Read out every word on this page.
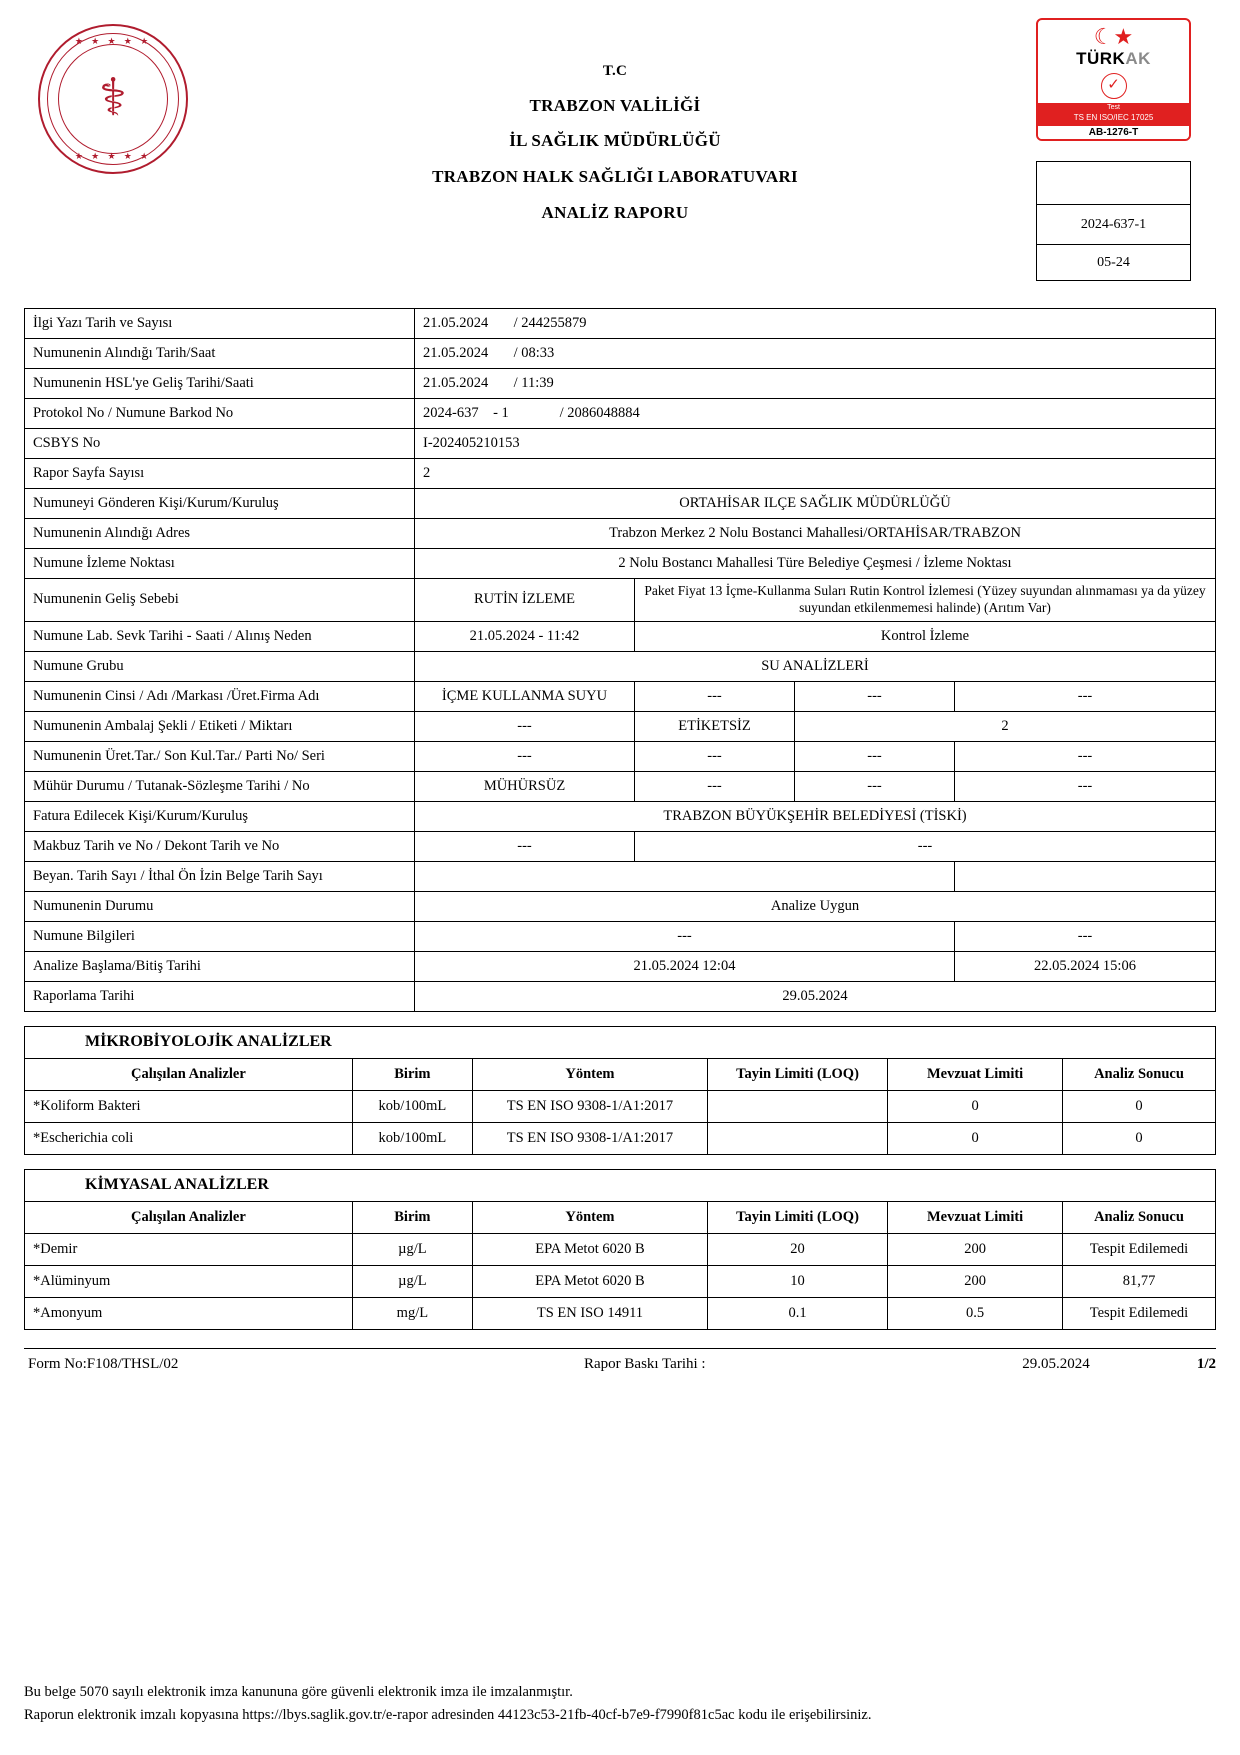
★ ★ ★ ★ ★
⚕
★ ★ ★ ★ ★
T.C
TRABZON VALİLİĞİ
İL SAĞLIK MÜDÜRLÜĞÜ
TRABZON HALK SAĞLIĞI LABORATUVARI
ANALİZ RAPORU
☾★
TÜRKAK
✓
Test
TS EN ISO/IEC 17025
AB-1276-T
2024-637-1
05-24
İlgi Yazı Tarih ve Sayısı	21.05.2024 / 244255879			
Numunenin Alındığı Tarih/Saat	21.05.2024 / 08:33			
Numunenin HSL'ye Geliş Tarihi/Saati	21.05.2024 / 11:39			
Protokol No / Numune Barkod No	2024-637 - 1 / 2086048884			
CSBYS No	I-202405210153			
Rapor Sayfa Sayısı	2			
Numuneyi Gönderen Kişi/Kurum/Kuruluş	ORTAHİSAR ILÇE SAĞLIK MÜDÜRLÜĞÜ			
Numunenin Alındığı Adres	Trabzon Merkez 2 Nolu Bostanci Mahallesi/ORTAHİSAR/TRABZON			
Numune İzleme Noktası	2 Nolu Bostancı Mahallesi Türe Belediye Çeşmesi / İzleme Noktası			
Numunenin Geliş Sebebi	RUTİN İZLEME	Paket Fiyat 13 İçme-Kullanma Suları Rutin Kontrol İzlemesi (Yüzey suyundan alınmaması ya da yüzey suyundan etkilenmemesi halinde) (Arıtım Var)		
Numune Lab. Sevk Tarihi - Saati / Alınış Neden	21.05.2024 - 11:42	Kontrol İzleme		
Numune Grubu	SU ANALİZLERİ			
Numunenin Cinsi / Adı /Markası /Üret.Firma Adı	İÇME KULLANMA SUYU	---	---	---
Numunenin Ambalaj Şekli / Etiketi / Miktarı	---	ETİKETSİZ	2	
Numunenin Üret.Tar./ Son Kul.Tar./ Parti No/ Seri	---	---	---	---
Mühür Durumu / Tutanak-Sözleşme Tarihi / No	MÜHÜRSÜZ	---	---	---
Fatura Edilecek Kişi/Kurum/Kuruluş	TRABZON BÜYÜKŞEHİR BELEDİYESİ (TİSKİ)			
Makbuz Tarih ve No / Dekont Tarih ve No	---	---		
Beyan. Tarih Sayı / İthal Ön İzin Belge Tarih Sayı				
Numunenin Durumu	Analize Uygun			
Numune Bilgileri	---			---
Analize Başlama/Bitiş Tarihi	21.05.2024 12:04			22.05.2024 15:06
Raporlama Tarihi	29.05.2024			
MİKROBİYOLOJİK ANALİZLER					
Çalışılan Analizler	Birim	Yöntem	Tayin Limiti (LOQ)	Mevzuat Limiti	Analiz Sonucu
*Koliform Bakteri	kob/100mL	TS EN ISO 9308-1/A1:2017		0	0
*Escherichia coli	kob/100mL	TS EN ISO 9308-1/A1:2017		0	0
KİMYASAL ANALİZLER					
Çalışılan Analizler	Birim	Yöntem	Tayin Limiti (LOQ)	Mevzuat Limiti	Analiz Sonucu
*Demir	µg/L	EPA Metot 6020 B	20	200	Tespit Edilemedi
*Alüminyum	µg/L	EPA Metot 6020 B	10	200	81,77
*Amonyum	mg/L	TS EN ISO 14911	0.1	0.5	Tespit Edilemedi
Form No:F108/THSL/02	Rapor Baskı Tarihi :	29.05.2024	1/2
Bu belge 5070 sayılı elektronik imza kanununa göre güvenli elektronik imza ile imzalanmıştır.
Raporun elektronik imzalı kopyasına https://lbys.saglik.gov.tr/e-rapor adresinden 44123c53-21fb-40cf-b7e9-f7990f81c5ac kodu ile erişebilirsiniz.
